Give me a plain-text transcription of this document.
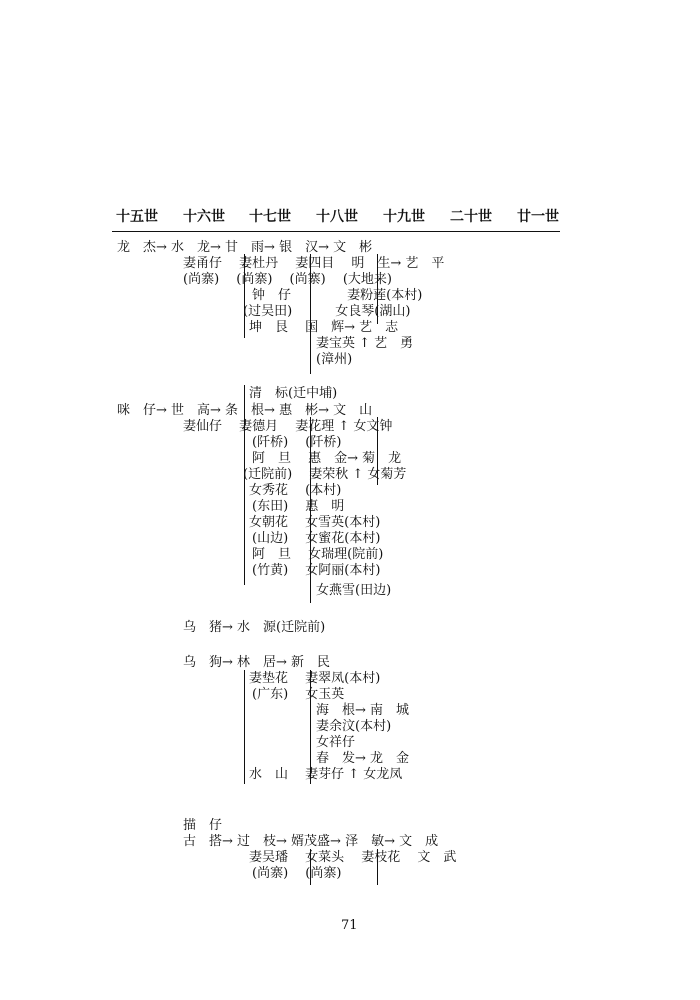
十五世 十六世 十七世 十八世 十九世 二十世 廿一世
龙　杰→ 水　龙→ 甘　雨→ 银　汉→ 文　彬
妻甬仔　 妻杜丹　 妻四目　 明　生→ 艺　平
(尚寨)　 (尚寨)　 (尚寨)　 (大地来)
钟　仔　　　　 妻粉莲(本村)
(过吴田)　　　 女良琴(湖山)
坤　艮　 国　辉→ 艺　志
妻宝英 ↑ 艺　勇
(漳州)
清　标(迁中埔)
咪　仔→ 世　高→ 条　根→ 惠　彬→ 文　山
妻仙仔　 妻德月　 妻花理 ↑ 女文钟
(阡桥)　 (阡桥)
阿　旦　 惠　金→ 菊　龙
(迁院前)　 妻荣秋 ↑ 女菊芳
女秀花　 (本村)
(东田)　 惠　明
女朝花　 女雪英(本村)
(山边)　 女蜜花(本村)
阿　旦　 女瑞理(院前)
(竹黄)　 女阿丽(本村)
女燕雪(田边)
乌　猪→ 水　源(迁院前)
乌　狗→ 林　居→ 新　民
妻垫花　 妻翠凤(本村)
(广东)　 女玉英
海　根→ 南　城
妻余汶(本村)
女祥仔
春　发→ 龙　金
水　山　 妻芽仔 ↑ 女龙凤
描　仔
古　搭→ 过　枝→ 婿茂盛→ 泽　敏→ 文　成
妻吴璠　 女菜头　 妻枝花　 文　武
(尚寨)　 (尚寨)
71
